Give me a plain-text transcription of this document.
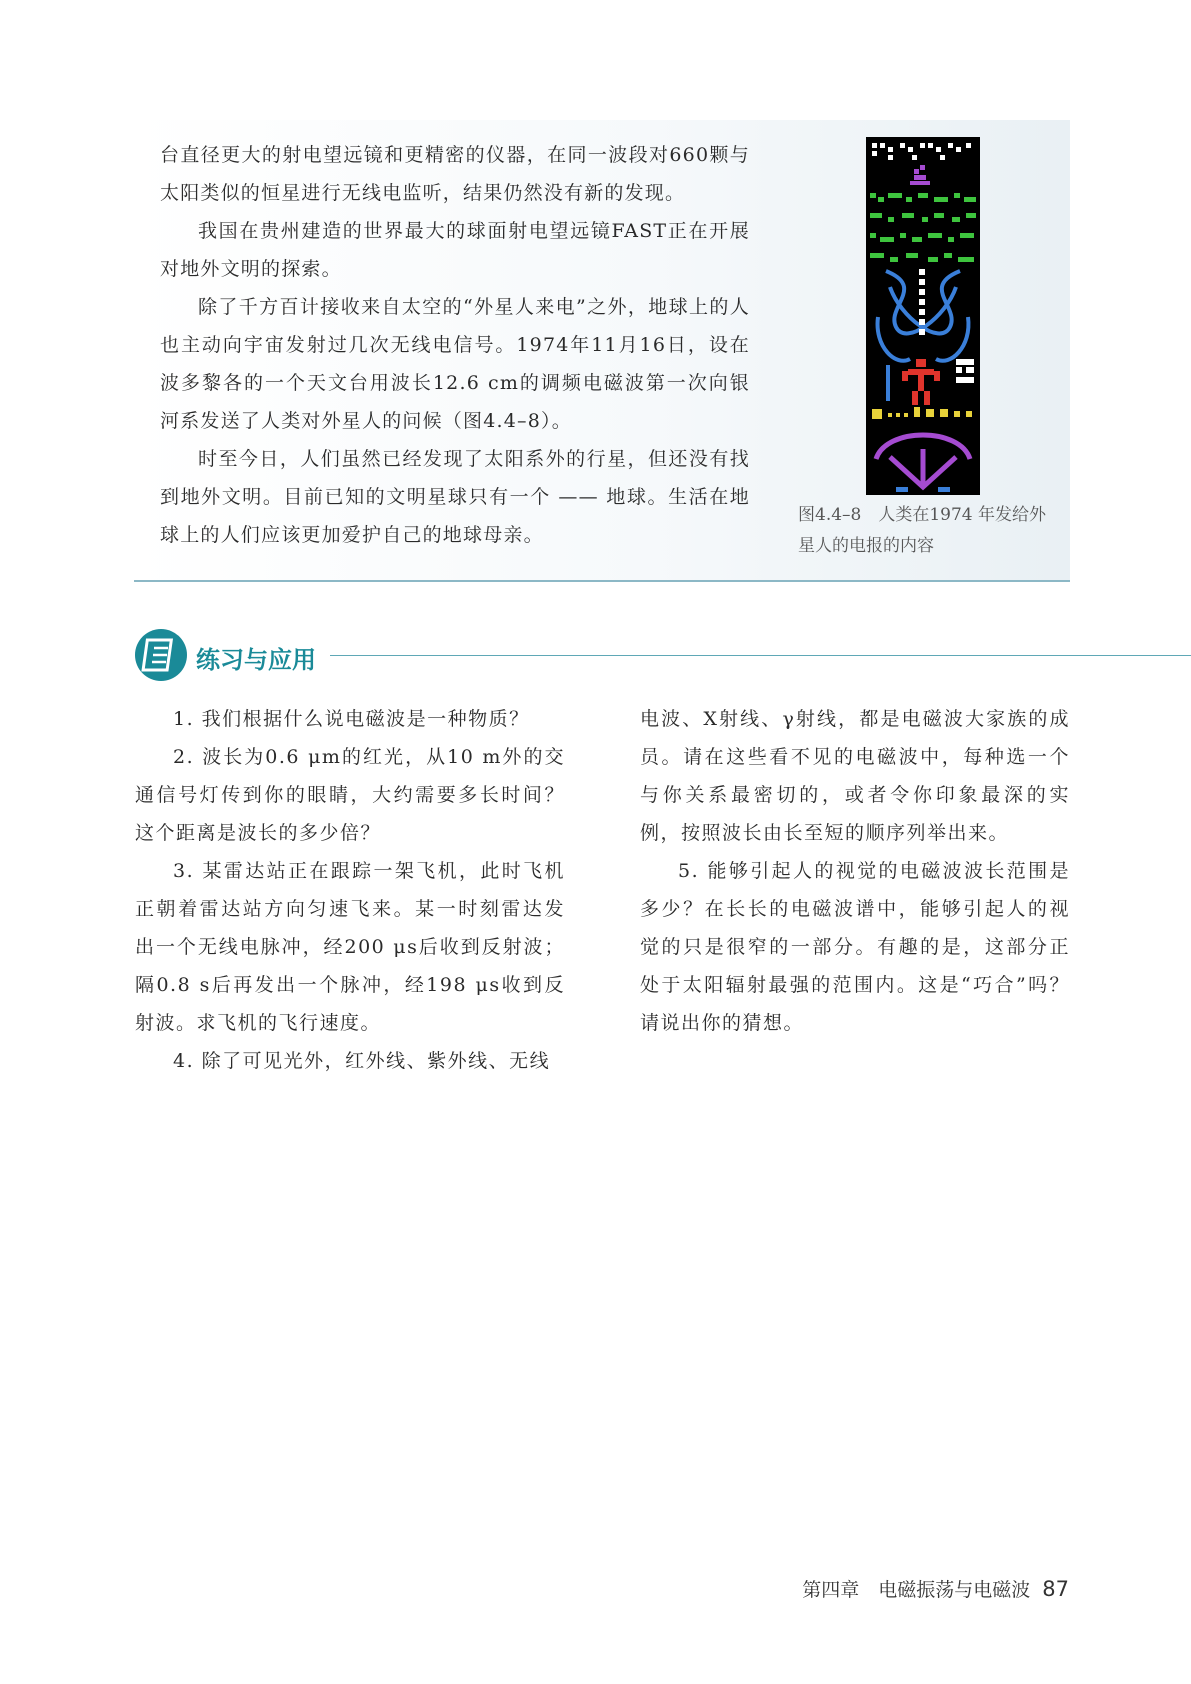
台直径更大的射电望远镜和更精密的仪器，在同一波段对660颗与太阳类似的恒星进行无线电监听，结果仍然没有新的发现。

我国在贵州建造的世界最大的球面射电望远镜FAST正在开展对地外文明的探索。

除了千方百计接收来自太空的“外星人来电”之外，地球上的人也主动向宇宙发射过几次无线电信号。1974年11月16日，设在波多黎各的一个天文台用波长12.6 cm的调频电磁波第一次向银河系发送了人类对外星人的问候（图4.4–8）。

时至今日，人们虽然已经发现了太阳系外的行星，但还没有找到地外文明。目前已知的文明星球只有一个 —— 地球。生活在地球上的人们应该更加爱护自己的地球母亲。

图4.4–8　人类在1974 年发给外星人的电报的内容
练习与应用

1. 我们根据什么说电磁波是一种物质？

2. 波长为0.6 μm的红光，从10 m外的交通信号灯传到你的眼睛，大约需要多长时间？这个距离是波长的多少倍？

3. 某雷达站正在跟踪一架飞机，此时飞机正朝着雷达站方向匀速飞来。某一时刻雷达发出一个无线电脉冲，经200 μs后收到反射波；隔0.8 s后再发出一个脉冲，经198 μs收到反射波。求飞机的飞行速度。

4. 除了可见光外，红外线、紫外线、无线

电波、X射线、γ射线，都是电磁波大家族的成员。请在这些看不见的电磁波中，每种选一个与你关系最密切的，或者令你印象最深的实例，按照波长由长至短的顺序列举出来。

5. 能够引起人的视觉的电磁波波长范围是多少？在长长的电磁波谱中，能够引起人的视觉的只是很窄的一部分。有趣的是，这部分正处于太阳辐射最强的范围内。这是“巧合”吗？请说出你的猜想。

第四章　电磁振荡与电磁波 87
